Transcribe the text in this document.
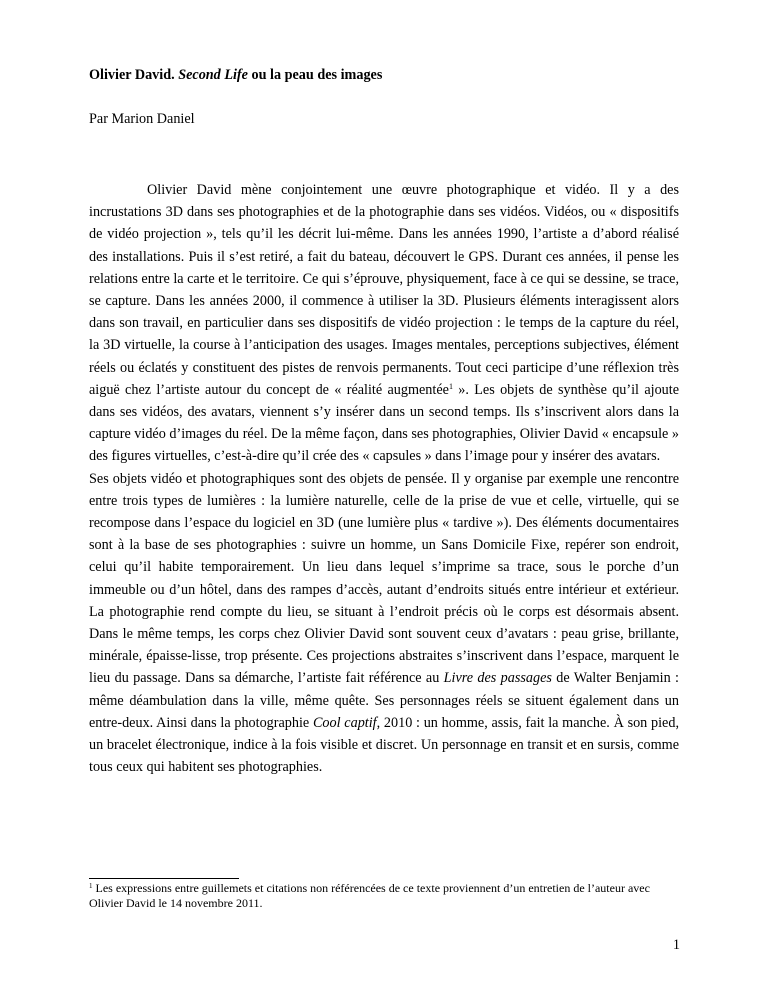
Olivier David. Second Life ou la peau des images
Par Marion Daniel

Olivier David mène conjointement une œuvre photographique et vidéo. Il y a des incrustations 3D dans ses photographies et de la photographie dans ses vidéos. Vidéos, ou « dispositifs de vidéo projection », tels qu’il les décrit lui-même. Dans les années 1990, l’artiste a d’abord réalisé des installations. Puis il s’est retiré, a fait du bateau, découvert le GPS. Durant ces années, il pense les relations entre la carte et le territoire. Ce qui s’éprouve, physiquement, face à ce qui se dessine, se trace, se capture. Dans les années 2000, il commence à utiliser la 3D. Plusieurs éléments interagissent alors dans son travail, en particulier dans ses dispositifs de vidéo projection : le temps de la capture du réel, la 3D virtuelle, la course à l’anticipation des usages. Images mentales, perceptions subjectives, élément réels ou éclatés y constituent des pistes de renvois permanents. Tout ceci participe d’une réflexion très aiguë chez l’artiste autour du concept de « réalité augmentée$^1$ ». Les objets de synthèse qu’il ajoute dans ses vidéos, des avatars, viennent s’y insérer dans un second temps. Ils s’inscrivent alors dans la capture vidéo d’images du réel. De la même façon, dans ses photographies, Olivier David « encapsule » des figures virtuelles, c’est-à-dire qu’il crée des « capsules » dans l’image pour y insérer des avatars.

Ses objets vidéo et photographiques sont des objets de pensée. Il y organise par exemple une rencontre entre trois types de lumières : la lumière naturelle, celle de la prise de vue et celle, virtuelle, qui se recompose dans l’espace du logiciel en 3D (une lumière plus « tardive »). Des éléments documentaires sont à la base de ses photographies : suivre un homme, un Sans Domicile Fixe, repérer son endroit, celui qu’il habite temporairement. Un lieu dans lequel s’imprime sa trace, sous le porche d’un immeuble ou d’un hôtel, dans des rampes d’accès, autant d’endroits situés entre intérieur et extérieur. La photographie rend compte du lieu, se situant à l’endroit précis où le corps est désormais absent. Dans le même temps, les corps chez Olivier David sont souvent ceux d’avatars : peau grise, brillante, minérale, épaisse-lisse, trop présente. Ces projections abstraites s’inscrivent dans l’espace, marquent le lieu du passage. Dans sa démarche, l’artiste fait référence au Livre des passages de Walter Benjamin : même déambulation dans la ville, même quête. Ses personnages réels se situent également dans un entre-deux. Ainsi dans la photographie Cool captif, 2010 : un homme, assis, fait la manche. À son pied, un bracelet électronique, indice à la fois visible et discret. Un personnage en transit et en sursis, comme tous ceux qui habitent ses photographies.

$^1$ Les expressions entre guillemets et citations non référencées de ce texte proviennent d’un entretien de l’auteur avec Olivier David le 14 novembre 2011.
1
